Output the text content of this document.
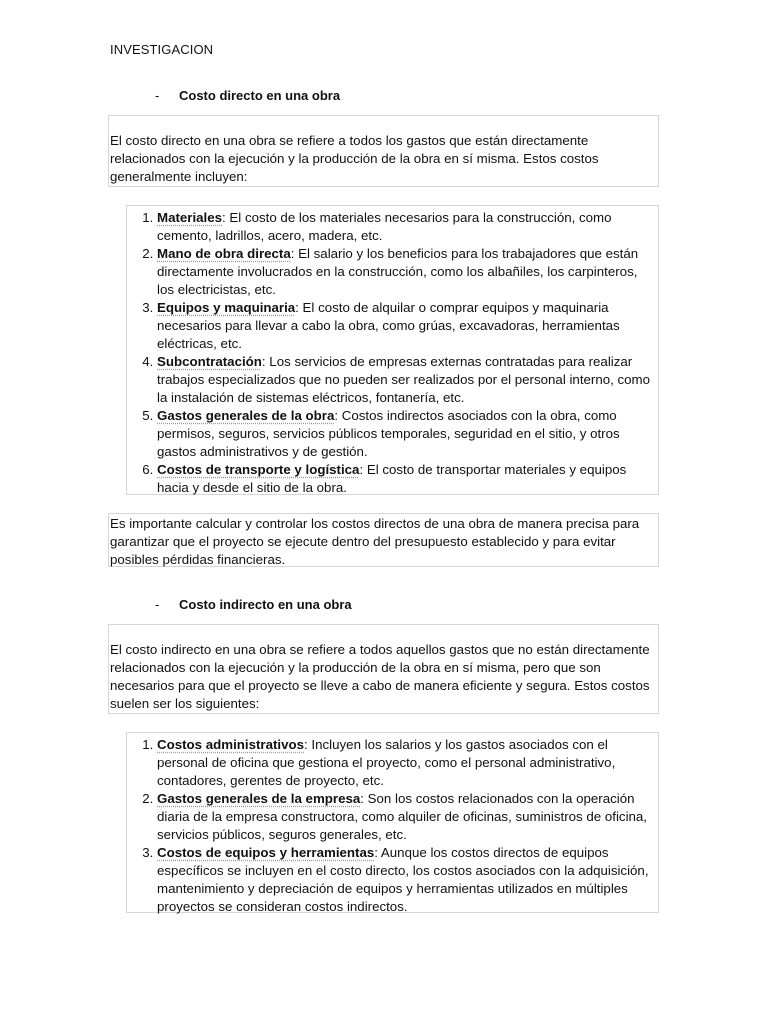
INVESTIGACION
-	Costo directo en una obra
El costo directo en una obra se refiere a todos los gastos que están directamente relacionados con la ejecución y la producción de la obra en sí misma. Estos costos generalmente incluyen:
1. Materiales: El costo de los materiales necesarios para la construcción, como cemento, ladrillos, acero, madera, etc.
2. Mano de obra directa: El salario y los beneficios para los trabajadores que están directamente involucrados en la construcción, como los albañiles, los carpinteros, los electricistas, etc.
3. Equipos y maquinaria: El costo de alquilar o comprar equipos y maquinaria necesarios para llevar a cabo la obra, como grúas, excavadoras, herramientas eléctricas, etc.
4. Subcontratación: Los servicios de empresas externas contratadas para realizar trabajos especializados que no pueden ser realizados por el personal interno, como la instalación de sistemas eléctricos, fontanería, etc.
5. Gastos generales de la obra: Costos indirectos asociados con la obra, como permisos, seguros, servicios públicos temporales, seguridad en el sitio, y otros gastos administrativos y de gestión.
6. Costos de transporte y logística: El costo de transportar materiales y equipos hacia y desde el sitio de la obra.
Es importante calcular y controlar los costos directos de una obra de manera precisa para garantizar que el proyecto se ejecute dentro del presupuesto establecido y para evitar posibles pérdidas financieras.
-	Costo indirecto en una obra
El costo indirecto en una obra se refiere a todos aquellos gastos que no están directamente relacionados con la ejecución y la producción de la obra en sí misma, pero que son necesarios para que el proyecto se lleve a cabo de manera eficiente y segura. Estos costos suelen ser los siguientes:
1. Costos administrativos: Incluyen los salarios y los gastos asociados con el personal de oficina que gestiona el proyecto, como el personal administrativo, contadores, gerentes de proyecto, etc.
2. Gastos generales de la empresa: Son los costos relacionados con la operación diaria de la empresa constructora, como alquiler de oficinas, suministros de oficina, servicios públicos, seguros generales, etc.
3. Costos de equipos y herramientas: Aunque los costos directos de equipos específicos se incluyen en el costo directo, los costos asociados con la adquisición, mantenimiento y depreciación de equipos y herramientas utilizados en múltiples proyectos se consideran costos indirectos.
